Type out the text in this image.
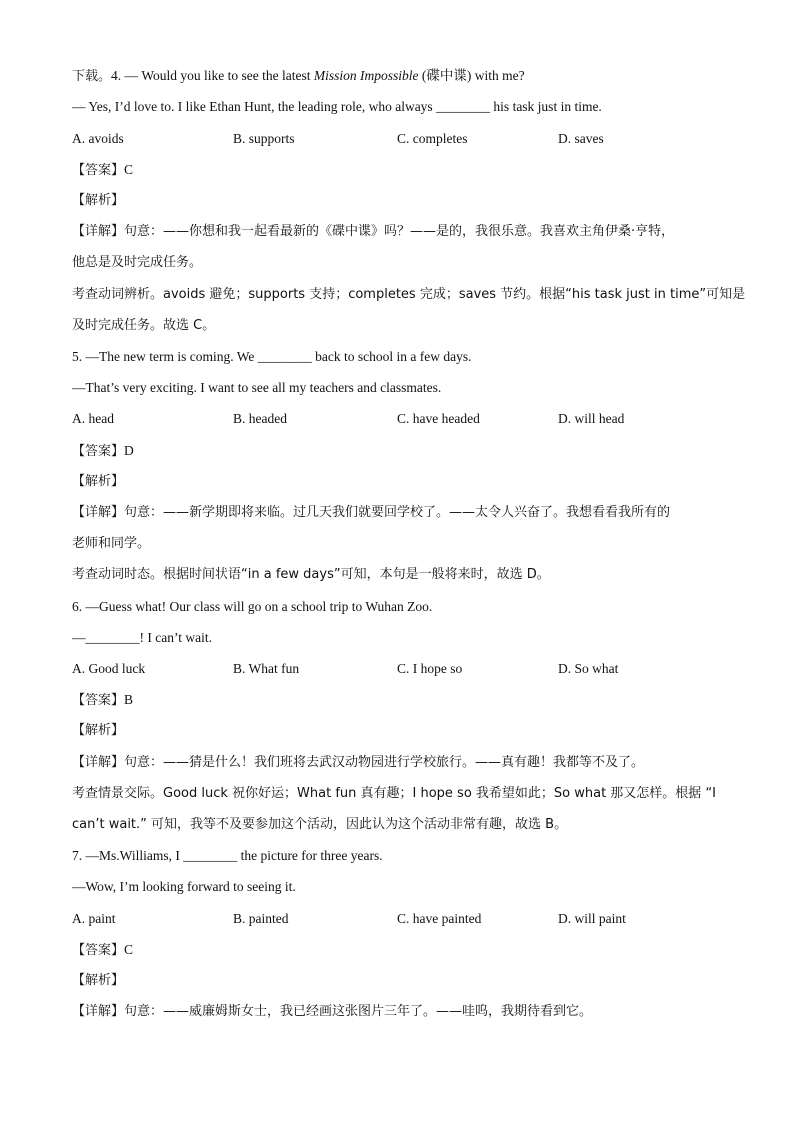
下载。4. — Would you like to see the latest Mission Impossible (碟中谍) with me?
— Yes, I’d love to. I like Ethan Hunt, the leading role, who always ________ his task just in time.
A. avoids	B. supports	C. completes	D. saves
【答案】C
【解析】
【详解】句意：——你想和我一起看最新的《碟中谍》吗？——是的，我很乐意。我喜欢主角伊桑·亨特，
他总是及时完成任务。
考查动词辨析。avoids 避免；supports 支持；completes 完成；saves 节约。根据“his task just in time”可知是
及时完成任务。故选 C。
5. —The new term is coming. We ________ back to school in a few days.
—That’s very exciting. I want to see all my teachers and classmates.
A. head	B. headed	C. have headed	D. will head
【答案】D
【解析】
【详解】句意：——新学期即将来临。过几天我们就要回学校了。——太令人兴奋了。我想看看我所有的
老师和同学。
考查动词时态。根据时间状语“in a few days”可知，本句是一般将来时，故选 D。
6. —Guess what! Our class will go on a school trip to Wuhan Zoo.
—________! I can’t wait.
A. Good luck	B. What fun	C. I hope so	D. So what
【答案】B
【解析】
【详解】句意：——猜是什么！我们班将去武汉动物园进行学校旅行。——真有趣！我都等不及了。
考查情景交际。Good luck 祝你好运；What fun 真有趣；I hope so 我希望如此；So what 那又怎样。根据 “I
can’t wait.” 可知，我等不及要参加这个活动，因此认为这个活动非常有趣，故选 B。
7. —Ms.Williams, I ________ the picture for three years.
—Wow, I’m looking forward to seeing it.
A. paint	B. painted	C. have painted	D. will paint
【答案】C
【解析】
【详解】句意：——威廉姆斯女士，我已经画这张图片三年了。——哇呜，我期待看到它。
